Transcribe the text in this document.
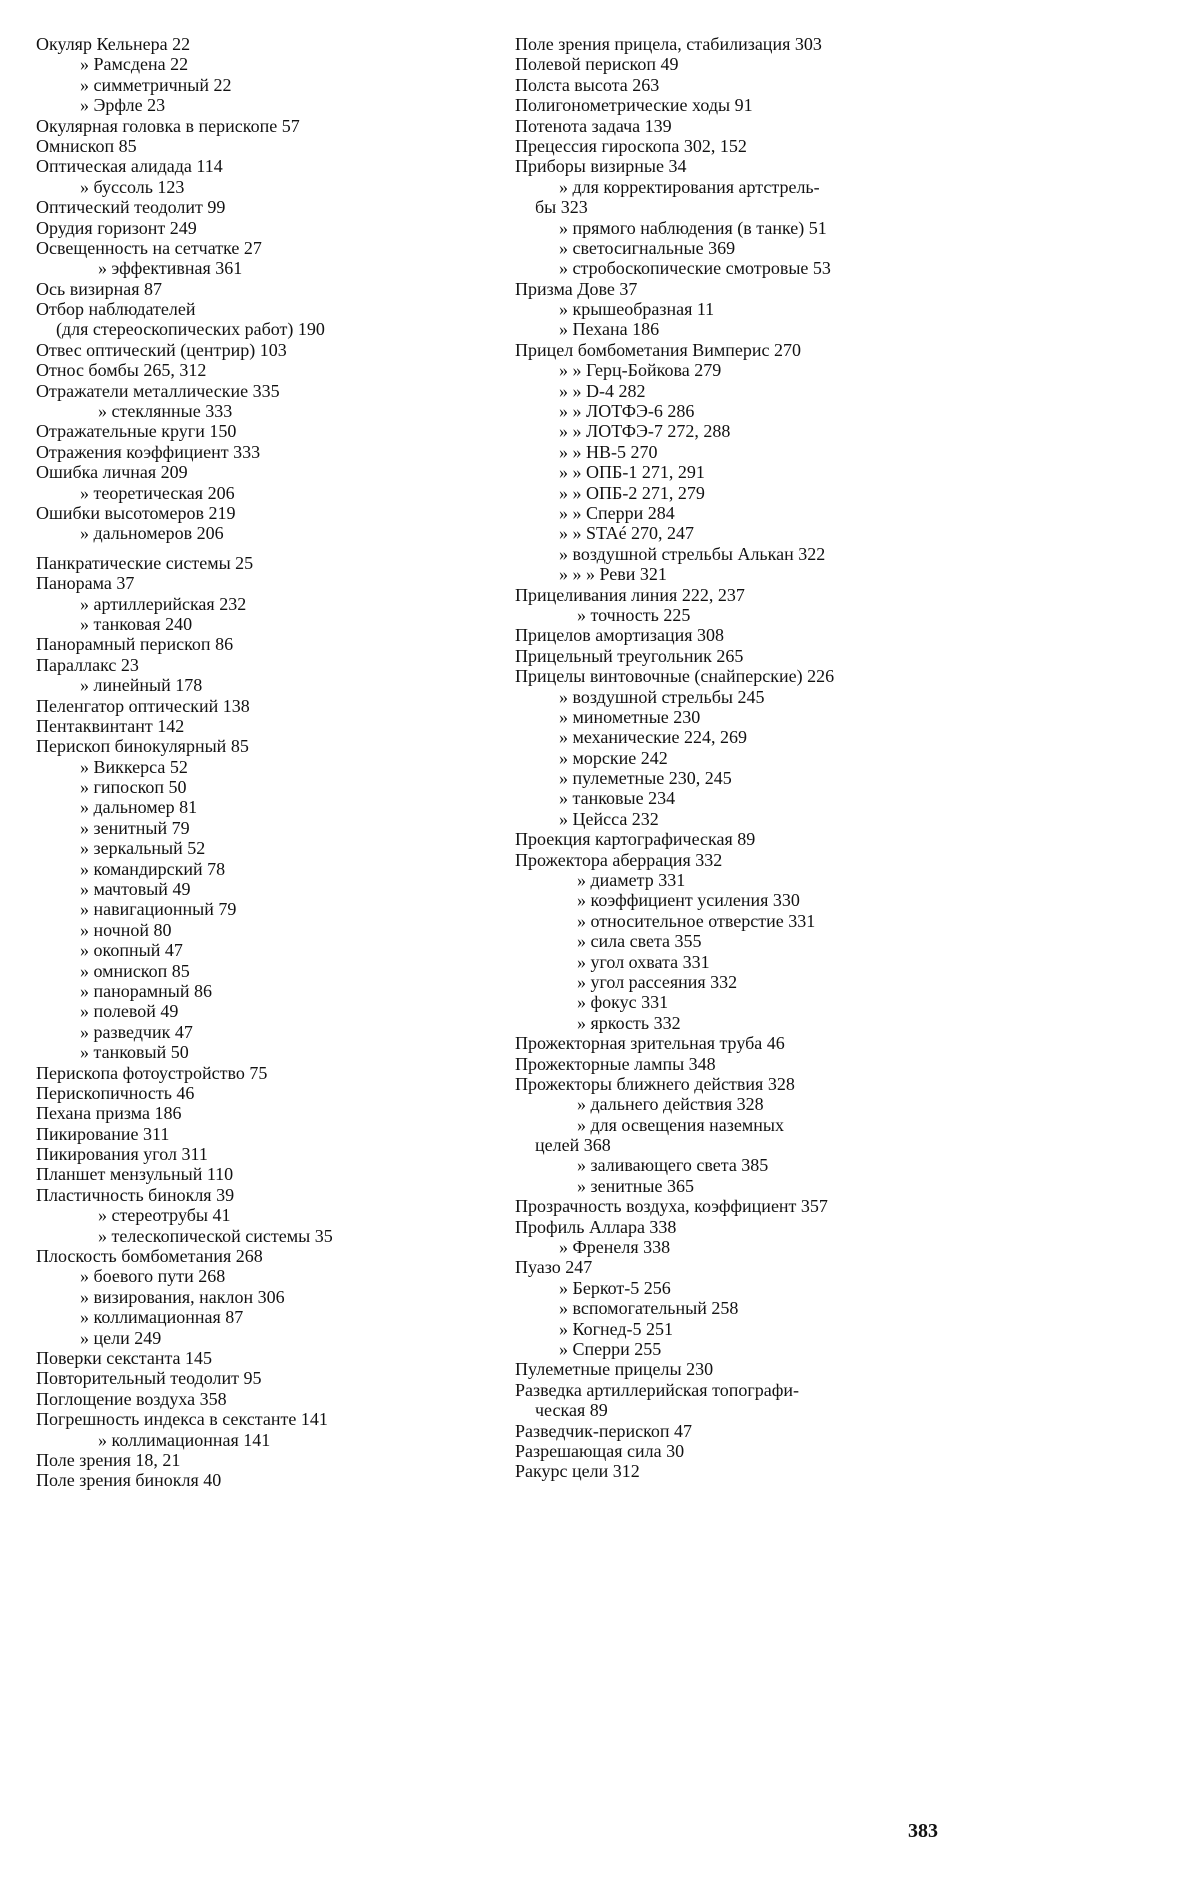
Окуляр Кельнера 22
» Рамсдена 22
» симметричный 22
» Эрфле 23
Окулярная головка в перископе 57
Омнископ 85
Оптическая алидада 114
» буссоль 123
Оптический теодолит 99
Орудия горизонт 249
Освещенность на сетчатке 27
» эффективная 361
Ось визирная 87
Отбор наблюдателей
(для стереоскопических работ) 190
Отвес оптический (центрир) 103
Относ бомбы 265, 312
Отражатели металлические 335
» стеклянные 333
Отражательные круги 150
Отражения коэффициент 333
Ошибка личная 209
» теоретическая 206
Ошибки высотомеров 219
» дальномеров 206
Панкратические системы 25
Панорама 37
» артиллерийская 232
» танковая 240
Панорамный перископ 86
Параллакс 23
» линейный 178
Пеленгатор оптический 138
Пентаквинтант 142
Перископ бинокулярный 85
» Виккерса 52
» гипоскоп 50
» дальномер 81
» зенитный 79
» зеркальный 52
» командирский 78
» мачтовый 49
» навигационный 79
» ночной 80
» окопный 47
» омнископ 85
» панорамный 86
» полевой 49
» разведчик 47
» танковый 50
Перископа фотоустройство 75
Перископичность 46
Пехана призма 186
Пикирование 311
Пикирования угол 311
Планшет мензульный 110
Пластичность бинокля 39
» стереотрубы 41
» телескопической системы 35
Плоскость бомбометания 268
» боевого пути 268
» визирования, наклон 306
» коллимационная 87
» цели 249
Поверки секстанта 145
Повторительный теодолит 95
Поглощение воздуха 358
Погрешность индекса в секстанте 141
» коллимационная 141
Поле зрения 18, 21
Поле зрения бинокля 40
Поле зрения прицела, стабилизация 303
Полевой перископ 49
Полста высота 263
Полигонометрические ходы 91
Потенота задача 139
Прецессия гироскопа 302, 152
Приборы визирные 34
» для корректирования артстрель-
бы 323
» прямого наблюдения (в танке) 51
» светосигнальные 369
» стробоскопические смотровые 53
Призма Дове 37
» крышеобразная 11
» Пехана 186
Прицел бомбометания Вимперис 270
» » Герц-Бойкова 279
» » D-4 282
» » ЛОТФЭ-6 286
» » ЛОТФЭ-7 272, 288
» » НВ-5 270
» » ОПБ-1 271, 291
» » ОПБ-2 271, 279
» » Сперри 284
» » STAé 270, 247
» воздушной стрельбы Алькан 322
» » » Реви 321
Прицеливания линия 222, 237
» точность 225
Прицелов амортизация 308
Прицельный треугольник 265
Прицелы винтовочные (снайперские) 226
» воздушной стрельбы 245
» минометные 230
» механические 224, 269
» морские 242
» пулеметные 230, 245
» танковые 234
» Цейсса 232
Проекция картографическая 89
Прожектора аберрация 332
» диаметр 331
» коэффициент усиления 330
» относительное отверстие 331
» сила света 355
» угол охвата 331
» угол рассеяния 332
» фокус 331
» яркость 332
Прожекторная зрительная труба 46
Прожекторные лампы 348
Прожекторы ближнего действия 328
» дальнего действия 328
» для освещения наземных
целей 368
» заливающего света 385
» зенитные 365
Прозрачность воздуха, коэффициент 357
Профиль Аллара 338
» Френеля 338
Пуазо 247
» Беркот-5 256
» вспомогательный 258
» Когнед-5 251
» Сперри 255
Пулеметные прицелы 230
Разведка артиллерийская топографи-
ческая 89
Разведчик-перископ 47
Разрешающая сила 30
Ракурс цели 312
383
